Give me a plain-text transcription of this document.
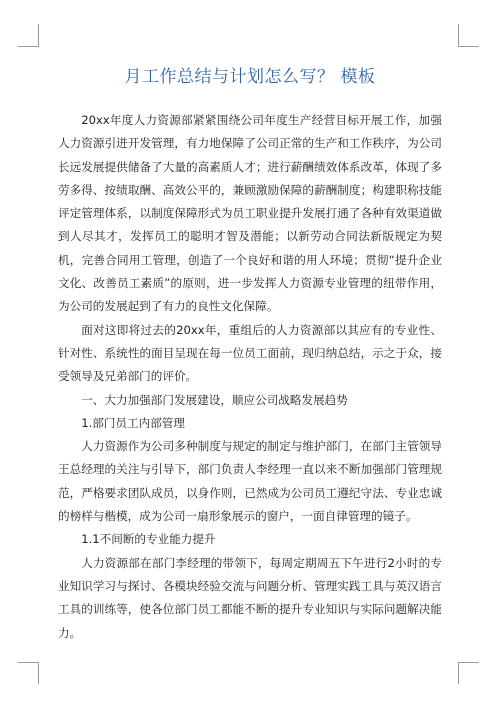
月工作总结与计划怎么写？ 模板

20xx年度人力资源部紧紧围绕公司年度生产经营目标开展工作，加强人力资源引进开发管理，有力地保障了公司正常的生产和工作秩序，为公司长远发展提供储备了大量的高素质人才；进行薪酬绩效体系改革，体现了多劳多得、按绩取酬、高效公平的，兼顾激励保障的薪酬制度；构建职称技能评定管理体系，以制度保障形式为员工职业提升发展打通了各种有效渠道做到人尽其才，发挥员工的聪明才智及潜能；以新劳动合同法新版规定为契机，完善合同用工管理，创造了一个良好和谐的用人环境；贯彻“提升企业文化、改善员工素质”的原则，进一步发挥人力资源专业管理的纽带作用，为公司的发展起到了有力的良性文化保障。

面对这即将过去的20xx年，重组后的人力资源部以其应有的专业性、针对性、系统性的面目呈现在每一位员工面前，现归纳总结，示之于众，接受领导及兄弟部门的评价。

一、大力加强部门发展建设，顺应公司战略发展趋势

1.部门员工内部管理

人力资源作为公司多种制度与规定的制定与维护部门，在部门主管领导王总经理的关注与引导下，部门负责人李经理一直以来不断加强部门管理规范，严格要求团队成员，以身作则，已然成为公司员工遵纪守法、专业忠诚的榜样与楷模，成为公司一扇形象展示的窗户，一面自律管理的镜子。

1.1不间断的专业能力提升

人力资源部在部门李经理的带领下，每周定期周五下午进行2小时的专业知识学习与探讨、各模块经验交流与问题分析、管理实践工具与英汉语言工具的训练等，使各位部门员工都能不断的提升专业知识与实际问题解决能力。
